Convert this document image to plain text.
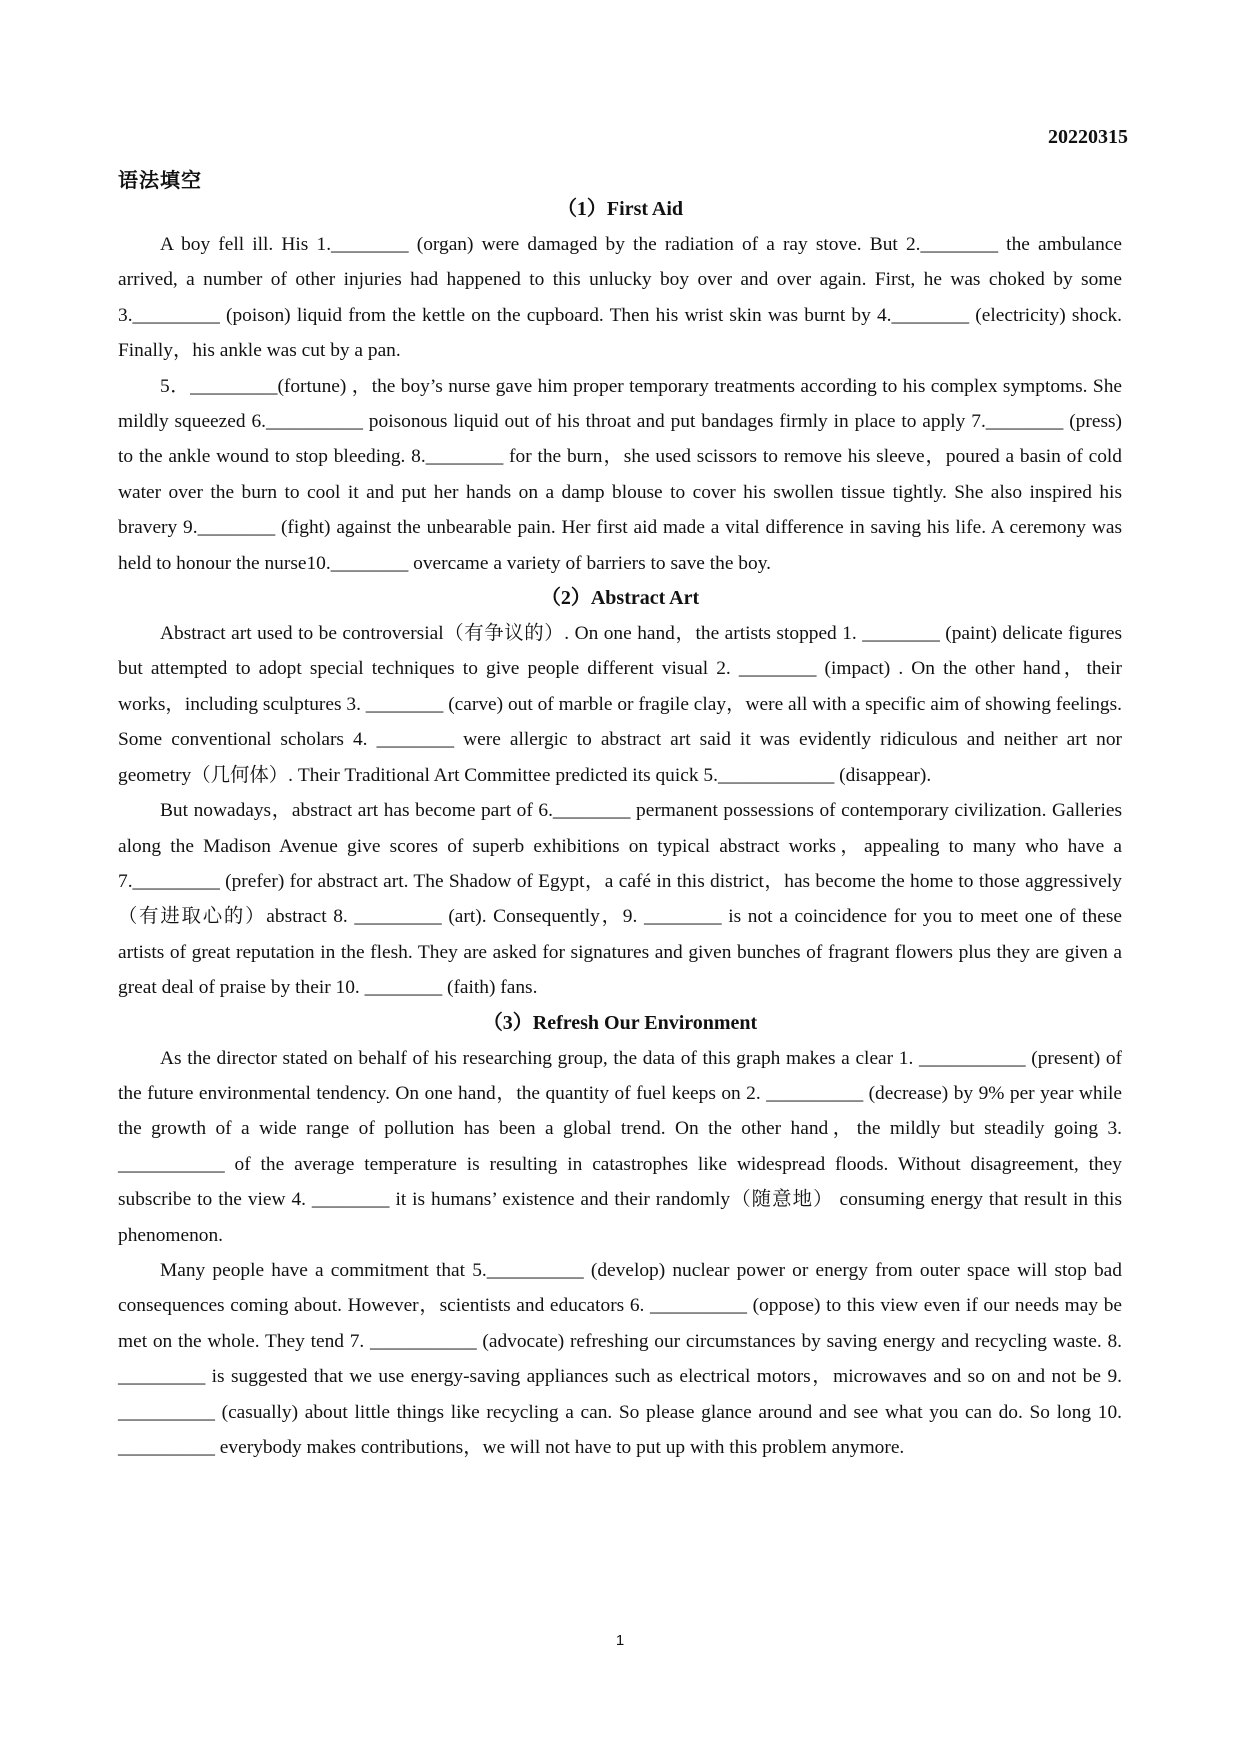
20220315
语法填空
（1）First Aid

A boy fell ill. His 1.________ (organ) were damaged by the radiation of a ray stove. But 2.________ the ambulance arrived, a number of other injuries had happened to this unlucky boy over and over again. First, he was choked by some 3._________ (poison) liquid from the kettle on the cupboard. Then his wrist skin was burnt by 4.________ (electricity) shock. Finally，his ankle was cut by a pan.

5．_________(fortune) ，the boy’s nurse gave him proper temporary treatments according to his complex symptoms. She mildly squeezed 6.__________ poisonous liquid out of his throat and put bandages firmly in place to apply 7.________ (press) to the ankle wound to stop bleeding. 8.________ for the burn，she used scissors to remove his sleeve，poured a basin of cold water over the burn to cool it and put her hands on a damp blouse to cover his swollen tissue tightly. She also inspired his bravery 9.________ (fight) against the unbearable pain. Her first aid made a vital difference in saving his life. A ceremony was held to honour the nurse10.________ overcame a variety of barriers to save the boy.

（2）Abstract Art

Abstract art used to be controversial（有争议的）. On one hand，the artists stopped 1. ________ (paint) delicate figures but attempted to adopt special techniques to give people different visual 2. ________ (impact) . On the other hand，their works，including sculptures 3. ________ (carve) out of marble or fragile clay，were all with a specific aim of showing feelings. Some conventional scholars 4. ________ were allergic to abstract art said it was evidently ridiculous and neither art nor geometry（几何体）. Their Traditional Art Committee predicted its quick 5.____________ (disappear).

But nowadays，abstract art has become part of 6.________ permanent possessions of contemporary civilization. Galleries along the Madison Avenue give scores of superb exhibitions on typical abstract works，appealing to many who have a 7._________ (prefer) for abstract art. The Shadow of Egypt，a café in this district，has become the home to those aggressively（有进取心的）abstract 8. _________ (art). Consequently，9. ________ is not a coincidence for you to meet one of these artists of great reputation in the flesh. They are asked for signatures and given bunches of fragrant flowers plus they are given a great deal of praise by their 10. ________ (faith) fans.

（3）Refresh Our Environment

As the director stated on behalf of his researching group, the data of this graph makes a clear 1. ___________ (present) of the future environmental tendency. On one hand，the quantity of fuel keeps on 2. __________ (decrease) by 9% per year while the growth of a wide range of pollution has been a global trend. On the other hand，the mildly but steadily going 3. ___________ of the average temperature is resulting in catastrophes like widespread floods. Without disagreement, they subscribe to the view 4. ________ it is humans’ existence and their randomly（随意地） consuming energy that result in this phenomenon.

Many people have a commitment that 5.__________ (develop) nuclear power or energy from outer space will stop bad consequences coming about. However，scientists and educators 6. __________ (oppose) to this view even if our needs may be met on the whole. They tend 7. ___________ (advocate) refreshing our circumstances by saving energy and recycling waste. 8. _________ is suggested that we use energy-saving appliances such as electrical motors，microwaves and so on and not be 9. __________ (casually) about little things like recycling a can. So please glance around and see what you can do. So long 10. __________ everybody makes contributions，we will not have to put up with this problem anymore.

1
